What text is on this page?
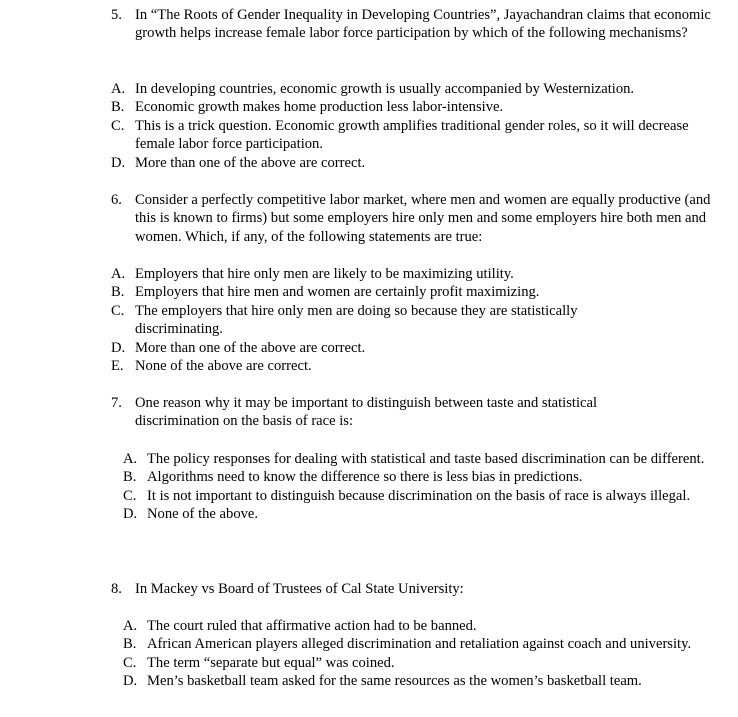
5. In “The Roots of Gender Inequality in Developing Countries”, Jayachandran claims that economic growth helps increase female labor force participation by which of the following mechanisms?
A. In developing countries, economic growth is usually accompanied by Westernization.
B. Economic growth makes home production less labor-intensive.
C. This is a trick question. Economic growth amplifies traditional gender roles, so it will decrease female labor force participation.
D. More than one of the above are correct.
6. Consider a perfectly competitive labor market, where men and women are equally productive (and this is known to firms) but some employers hire only men and some employers hire both men and women. Which, if any, of the following statements are true:
A. Employers that hire only men are likely to be maximizing utility.
B. Employers that hire men and women are certainly profit maximizing.
C. The employers that hire only men are doing so because they are statistically discriminating.
D. More than one of the above are correct.
E. None of the above are correct.
7. One reason why it may be important to distinguish between taste and statistical discrimination on the basis of race is:
A. The policy responses for dealing with statistical and taste based discrimination can be different.
B. Algorithms need to know the difference so there is less bias in predictions.
C. It is not important to distinguish because discrimination on the basis of race is always illegal.
D. None of the above.
8. In Mackey vs Board of Trustees of Cal State University:
A. The court ruled that affirmative action had to be banned.
B. African American players alleged discrimination and retaliation against coach and university.
C. The term “separate but equal” was coined.
D. Men’s basketball team asked for the same resources as the women’s basketball team.
